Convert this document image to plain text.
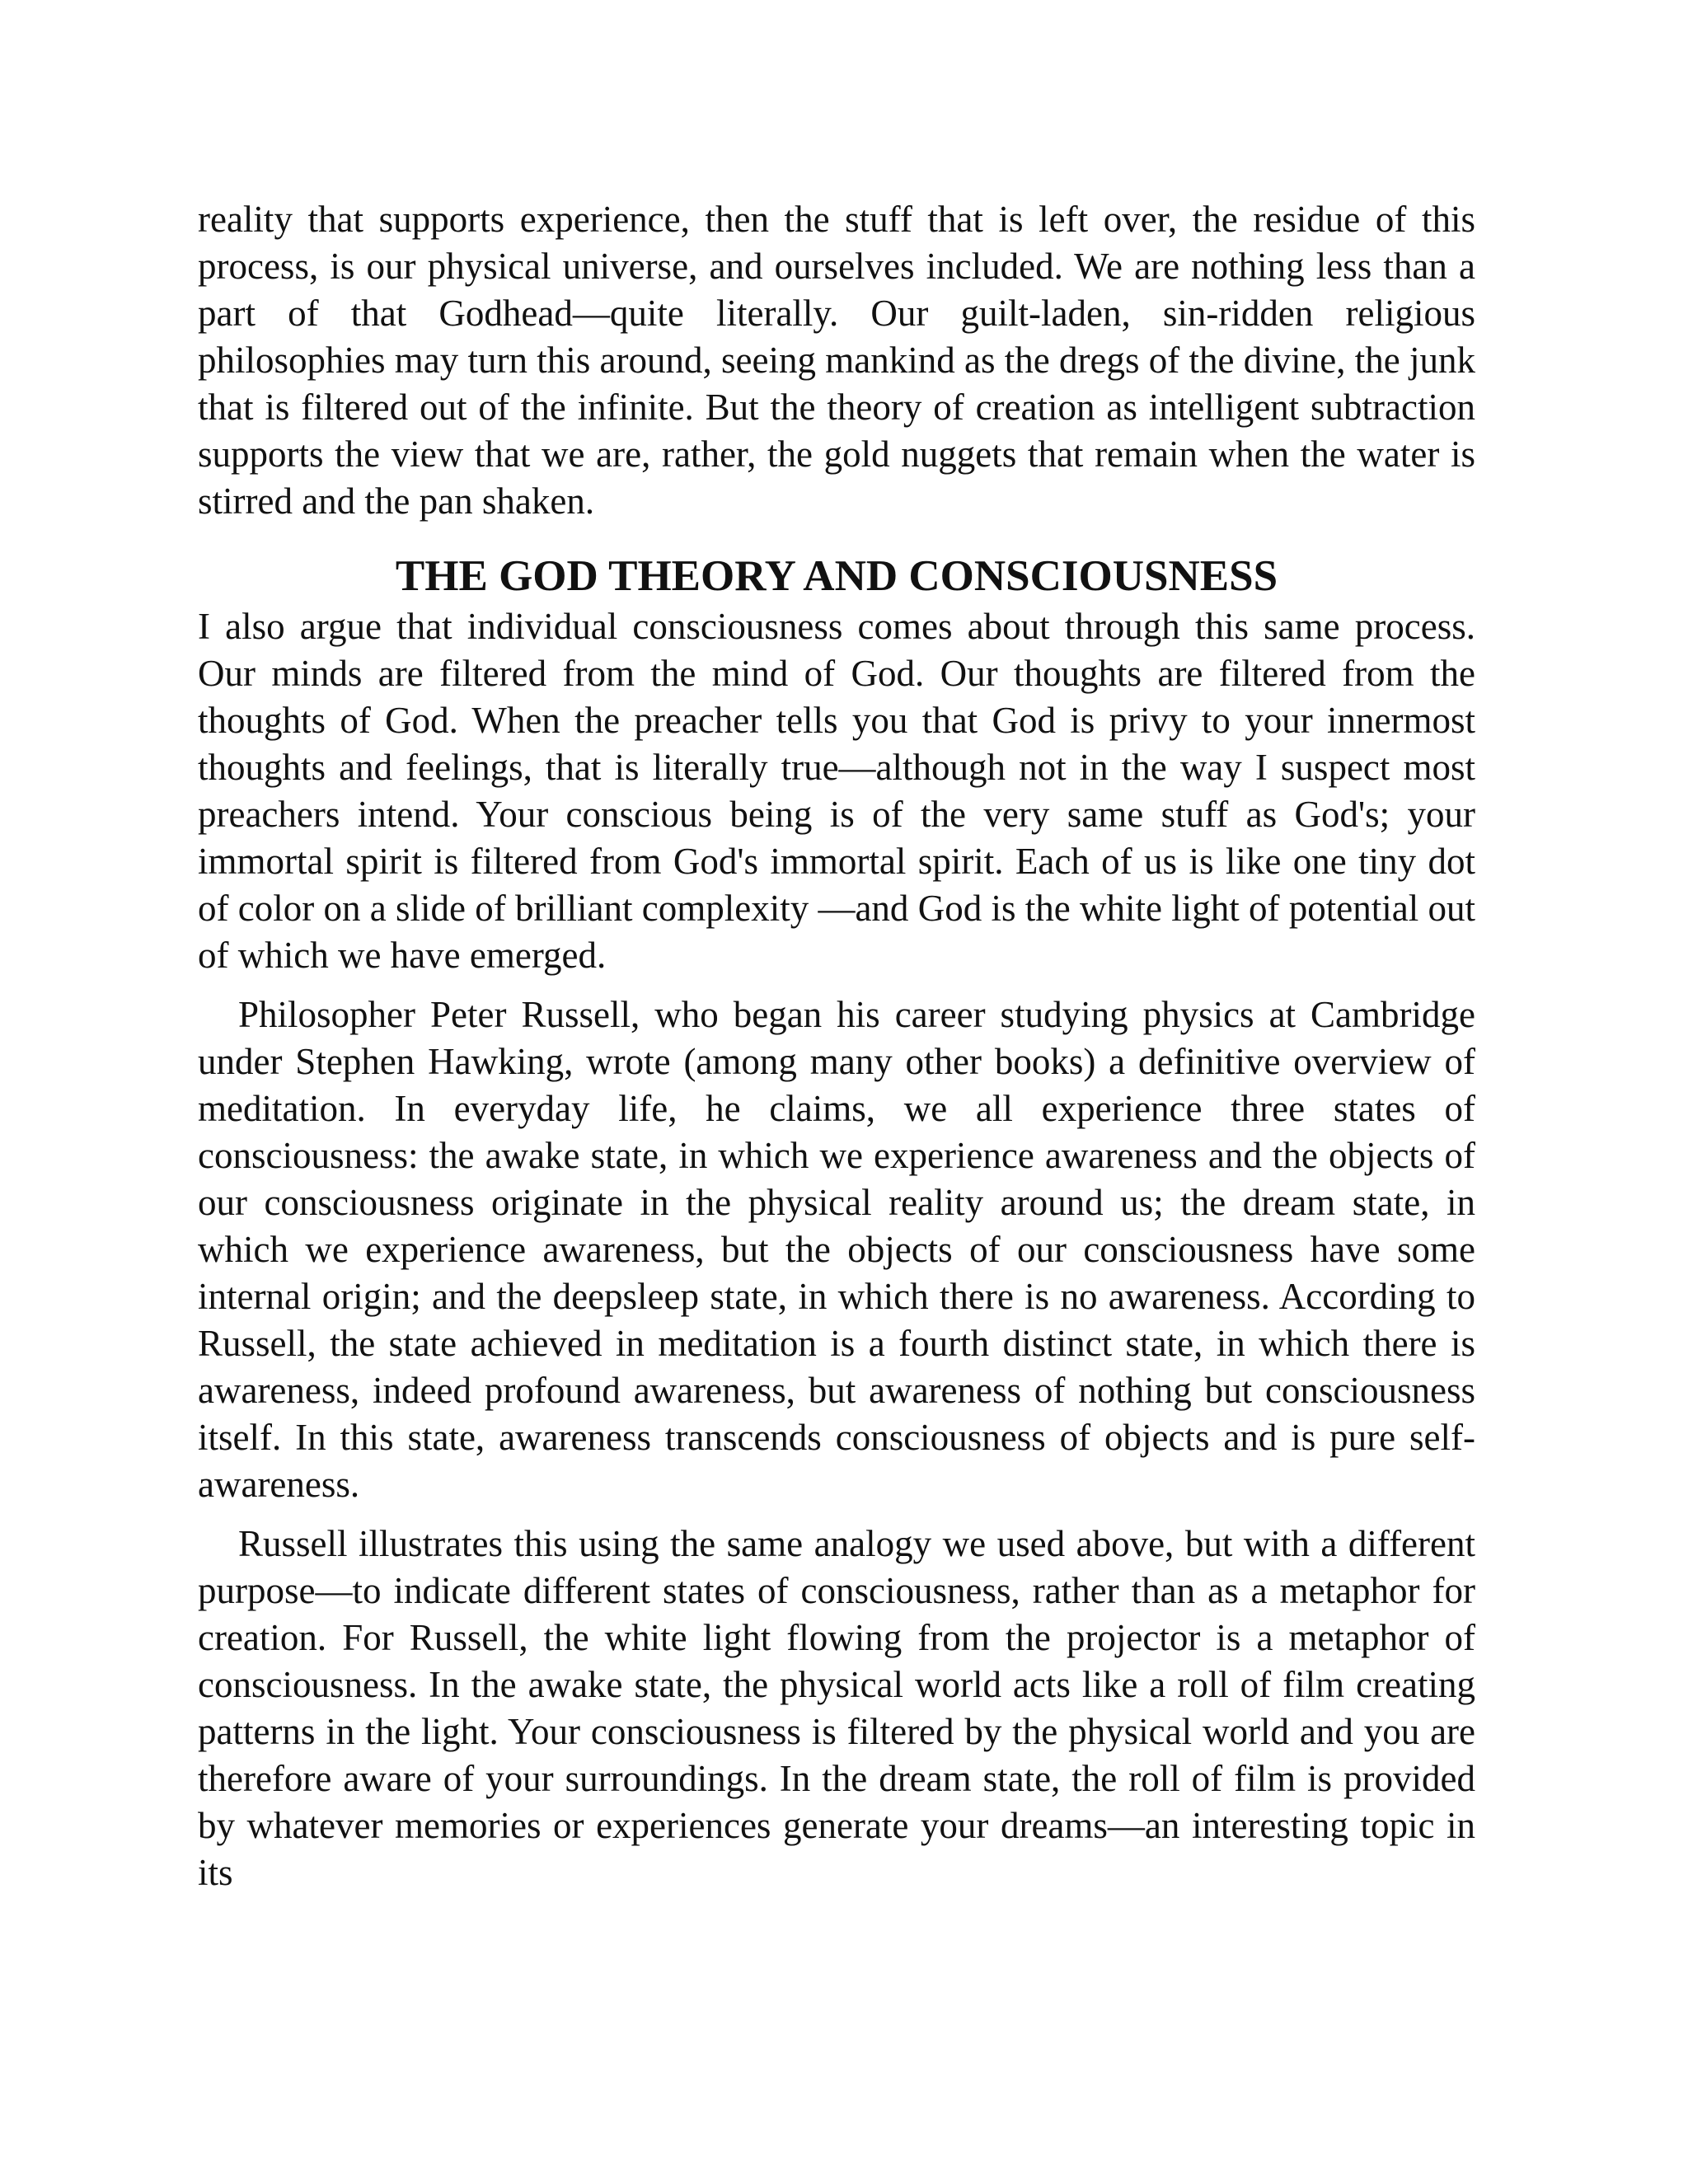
reality that supports experience, then the stuff that is left over, the residue of this process, is our physical universe, and ourselves included. We are nothing less than a part of that Godhead—quite literally. Our guilt-laden, sin-ridden religious philosophies may turn this around, seeing mankind as the dregs of the divine, the junk that is filtered out of the infinite. But the theory of creation as intelligent subtraction supports the view that we are, rather, the gold nuggets that remain when the water is stirred and the pan shaken.

THE GOD THEORY AND CONSCIOUSNESS

I also argue that individual consciousness comes about through this same process. Our minds are filtered from the mind of God. Our thoughts are filtered from the thoughts of God. When the preacher tells you that God is privy to your innermost thoughts and feelings, that is literally true—although not in the way I suspect most preachers intend. Your conscious being is of the very same stuff as God's; your immortal spirit is filtered from God's immortal spirit. Each of us is like one tiny dot of color on a slide of brilliant complexity —and God is the white light of potential out of which we have emerged.

Philosopher Peter Russell, who began his career studying physics at Cambridge under Stephen Hawking, wrote (among many other books) a definitive overview of meditation. In everyday life, he claims, we all experience three states of consciousness: the awake state, in which we experience awareness and the objects of our consciousness originate in the physical reality around us; the dream state, in which we experience awareness, but the objects of our consciousness have some internal origin; and the deepsleep state, in which there is no awareness. According to Russell, the state achieved in meditation is a fourth distinct state, in which there is awareness, indeed profound awareness, but awareness of nothing but consciousness itself. In this state, awareness transcends consciousness of objects and is pure self-awareness.

Russell illustrates this using the same analogy we used above, but with a different purpose—to indicate different states of consciousness, rather than as a metaphor for creation. For Russell, the white light flowing from the projector is a metaphor of consciousness. In the awake state, the physical world acts like a roll of film creating patterns in the light. Your consciousness is filtered by the physical world and you are therefore aware of your surroundings. In the dream state, the roll of film is provided by whatever memories or experiences generate your dreams—an interesting topic in its
